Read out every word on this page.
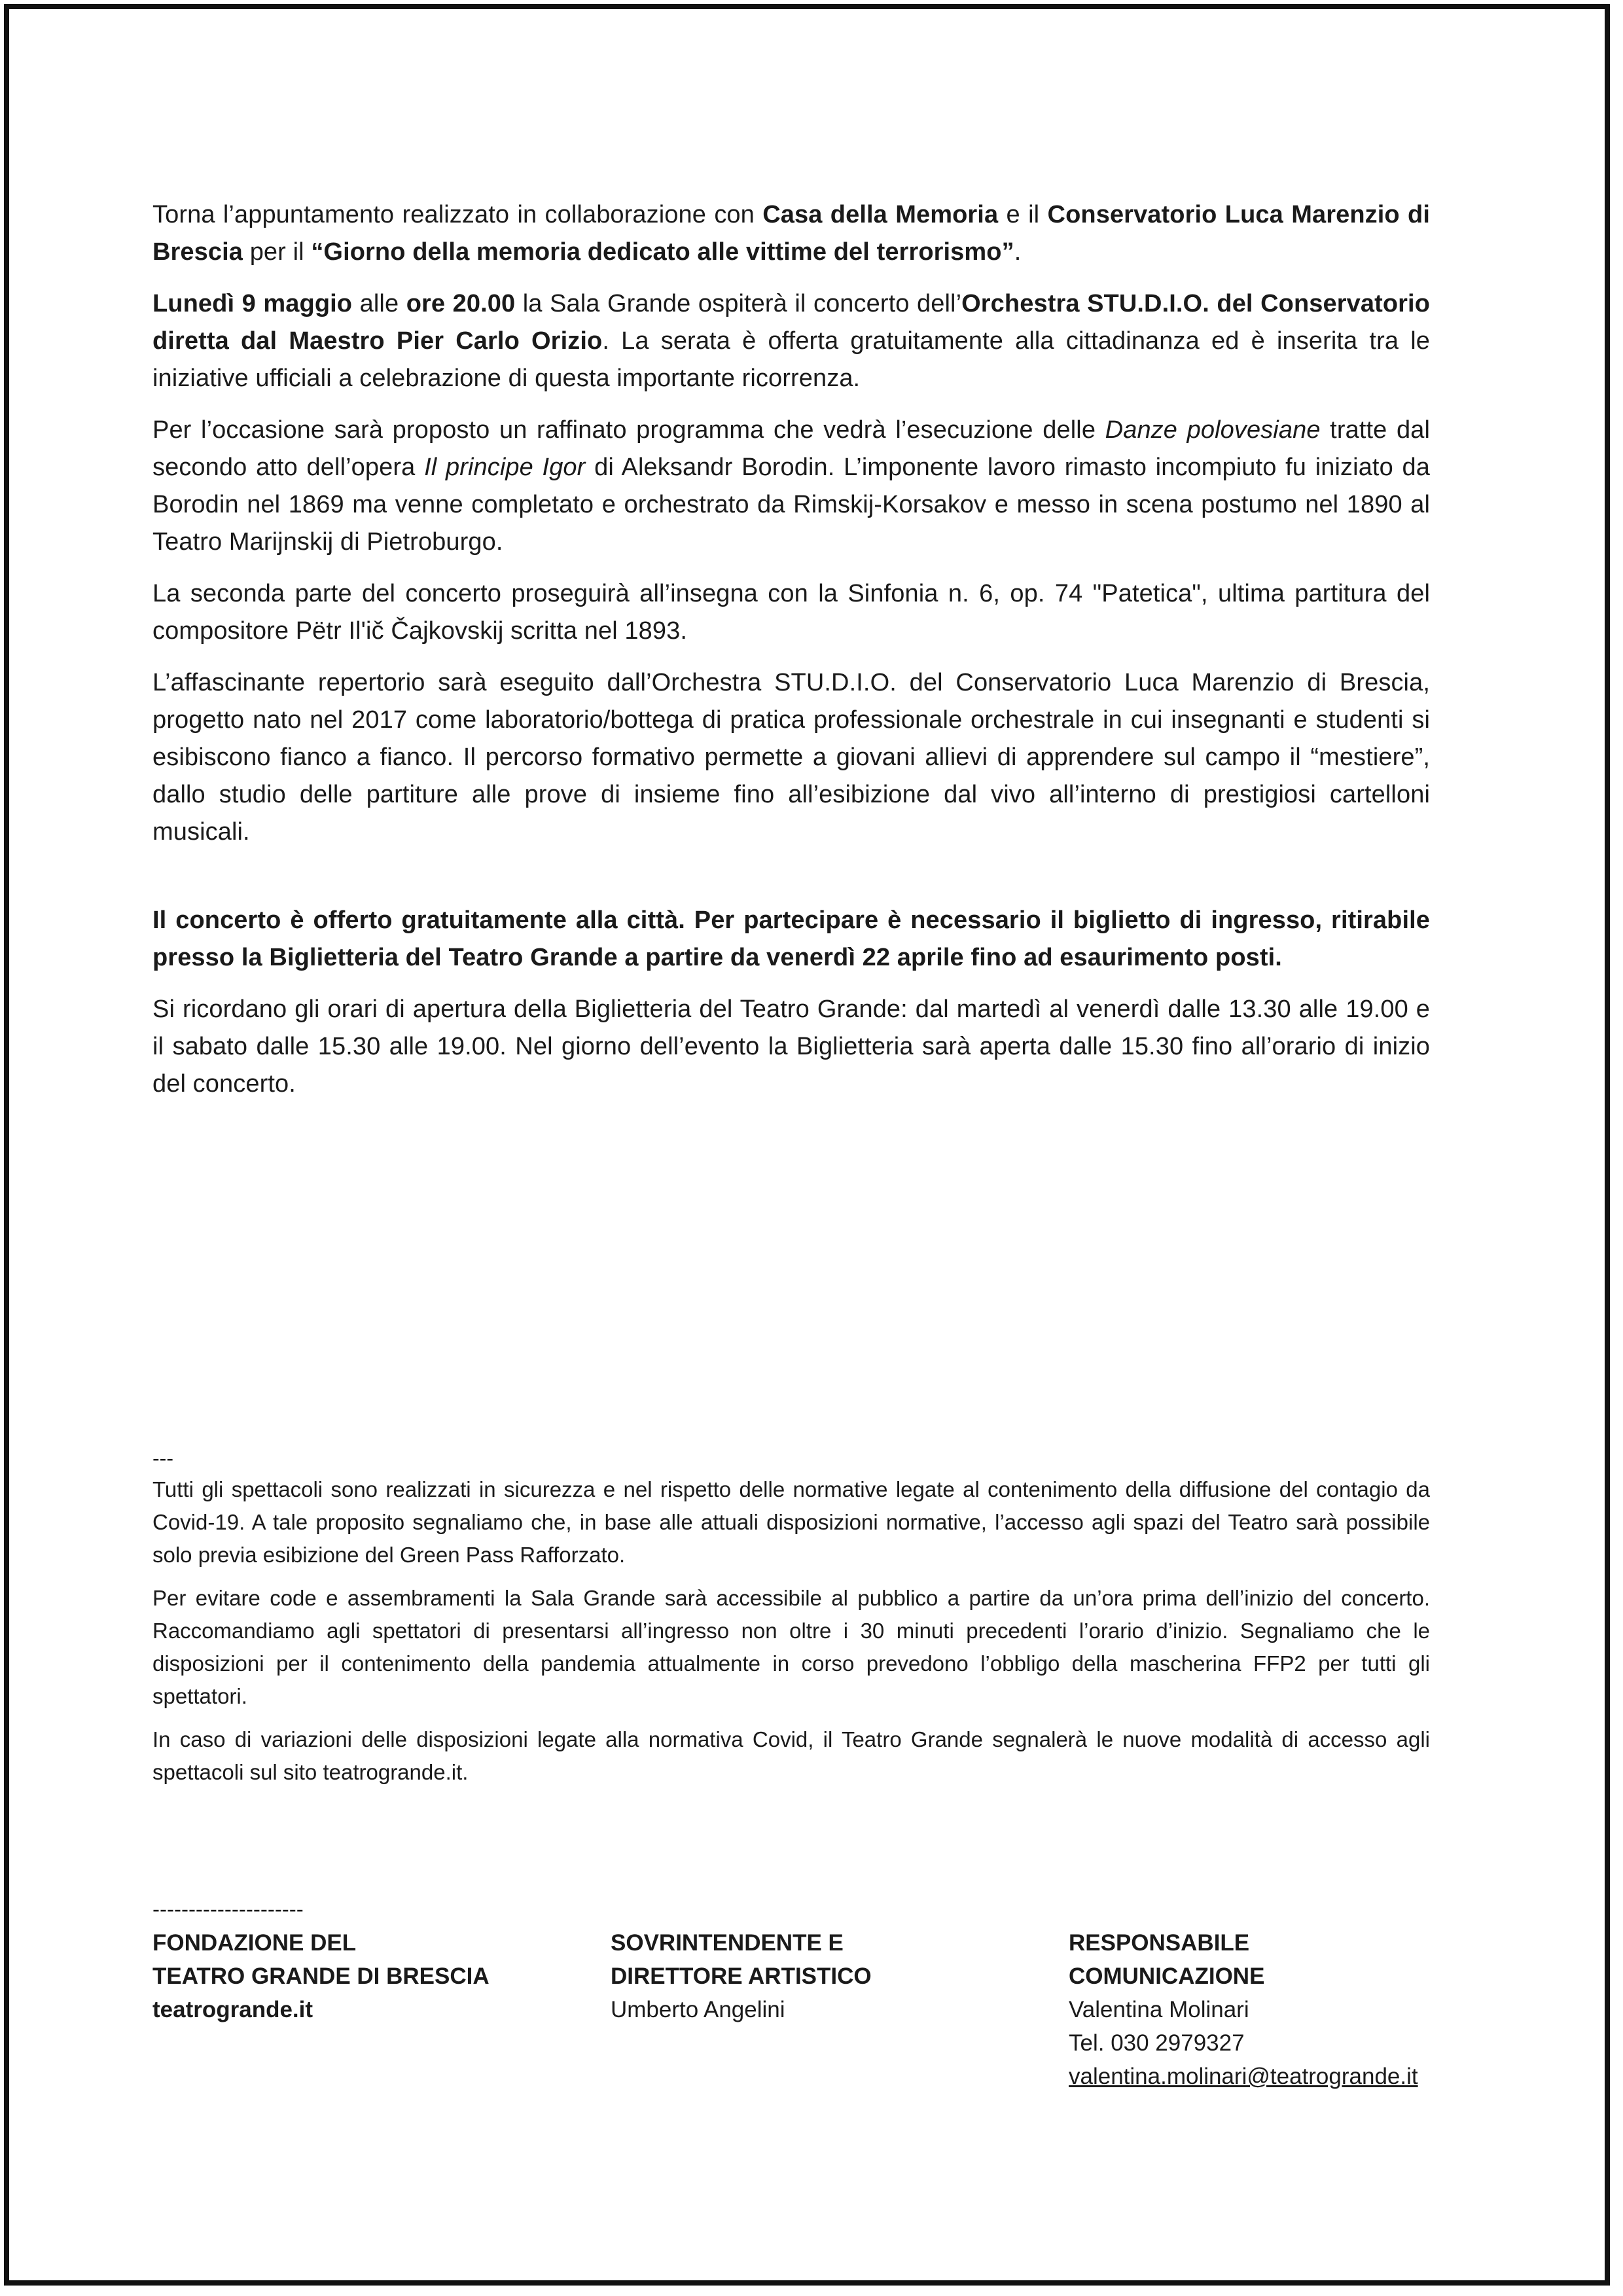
Torna l’appuntamento realizzato in collaborazione con Casa della Memoria e il Conservatorio Luca Marenzio di Brescia per il “Giorno della memoria dedicato alle vittime del terrorismo”.

Lunedì 9 maggio alle ore 20.00 la Sala Grande ospiterà il concerto dell’Orchestra STU.D.I.O. del Conservatorio diretta dal Maestro Pier Carlo Orizio. La serata è offerta gratuitamente alla cittadinanza ed è inserita tra le iniziative ufficiali a celebrazione di questa importante ricorrenza.

Per l’occasione sarà proposto un raffinato programma che vedrà l’esecuzione delle Danze polovesiane tratte dal secondo atto dell’opera Il principe Igor di Aleksandr Borodin. L’imponente lavoro rimasto incompiuto fu iniziato da Borodin nel 1869 ma venne completato e orchestrato da Rimskij-Korsakov e messo in scena postumo nel 1890 al Teatro Marijnskij di Pietroburgo.

La seconda parte del concerto proseguirà all’insegna con la Sinfonia n. 6, op. 74 "Patetica", ultima partitura del compositore Pëtr Il'ič Čajkovskij scritta nel 1893.

L’affascinante repertorio sarà eseguito dall’Orchestra STU.D.I.O. del Conservatorio Luca Marenzio di Brescia, progetto nato nel 2017 come laboratorio/bottega di pratica professionale orchestrale in cui insegnanti e studenti si esibiscono fianco a fianco. Il percorso formativo permette a giovani allievi di apprendere sul campo il “mestiere”, dallo studio delle partiture alle prove di insieme fino all’esibizione dal vivo all’interno di prestigiosi cartelloni musicali.

Il concerto è offerto gratuitamente alla città. Per partecipare è necessario il biglietto di ingresso, ritirabile presso la Biglietteria del Teatro Grande a partire da venerdì 22 aprile fino ad esaurimento posti.

Si ricordano gli orari di apertura della Biglietteria del Teatro Grande: dal martedì al venerdì dalle 13.30 alle 19.00 e il sabato dalle 15.30 alle 19.00. Nel giorno dell’evento la Biglietteria sarà aperta dalle 15.30 fino all’orario di inizio del concerto.

---

Tutti gli spettacoli sono realizzati in sicurezza e nel rispetto delle normative legate al contenimento della diffusione del contagio da Covid-19. A tale proposito segnaliamo che, in base alle attuali disposizioni normative, l’accesso agli spazi del Teatro sarà possibile solo previa esibizione del Green Pass Rafforzato.

Per evitare code e assembramenti la Sala Grande sarà accessibile al pubblico a partire da un’ora prima dell’inizio del concerto. Raccomandiamo agli spettatori di presentarsi all’ingresso non oltre i 30 minuti precedenti l’orario d’inizio. Segnaliamo che le disposizioni per il contenimento della pandemia attualmente in corso prevedono l’obbligo della mascherina FFP2 per tutti gli spettatori.

In caso di variazioni delle disposizioni legate alla normativa Covid, il Teatro Grande segnalerà le nuove modalità di accesso agli spettacoli sul sito teatrogrande.it.

---------------------

FONDAZIONE DEL
TEATRO GRANDE DI BRESCIA
teatrogrande.it
SOVRINTENDENTE E
DIRETTORE ARTISTICO
Umberto Angelini
RESPONSABILE
COMUNICAZIONE
Valentina Molinari
Tel. 030 2979327
valentina.molinari@teatrogrande.it
